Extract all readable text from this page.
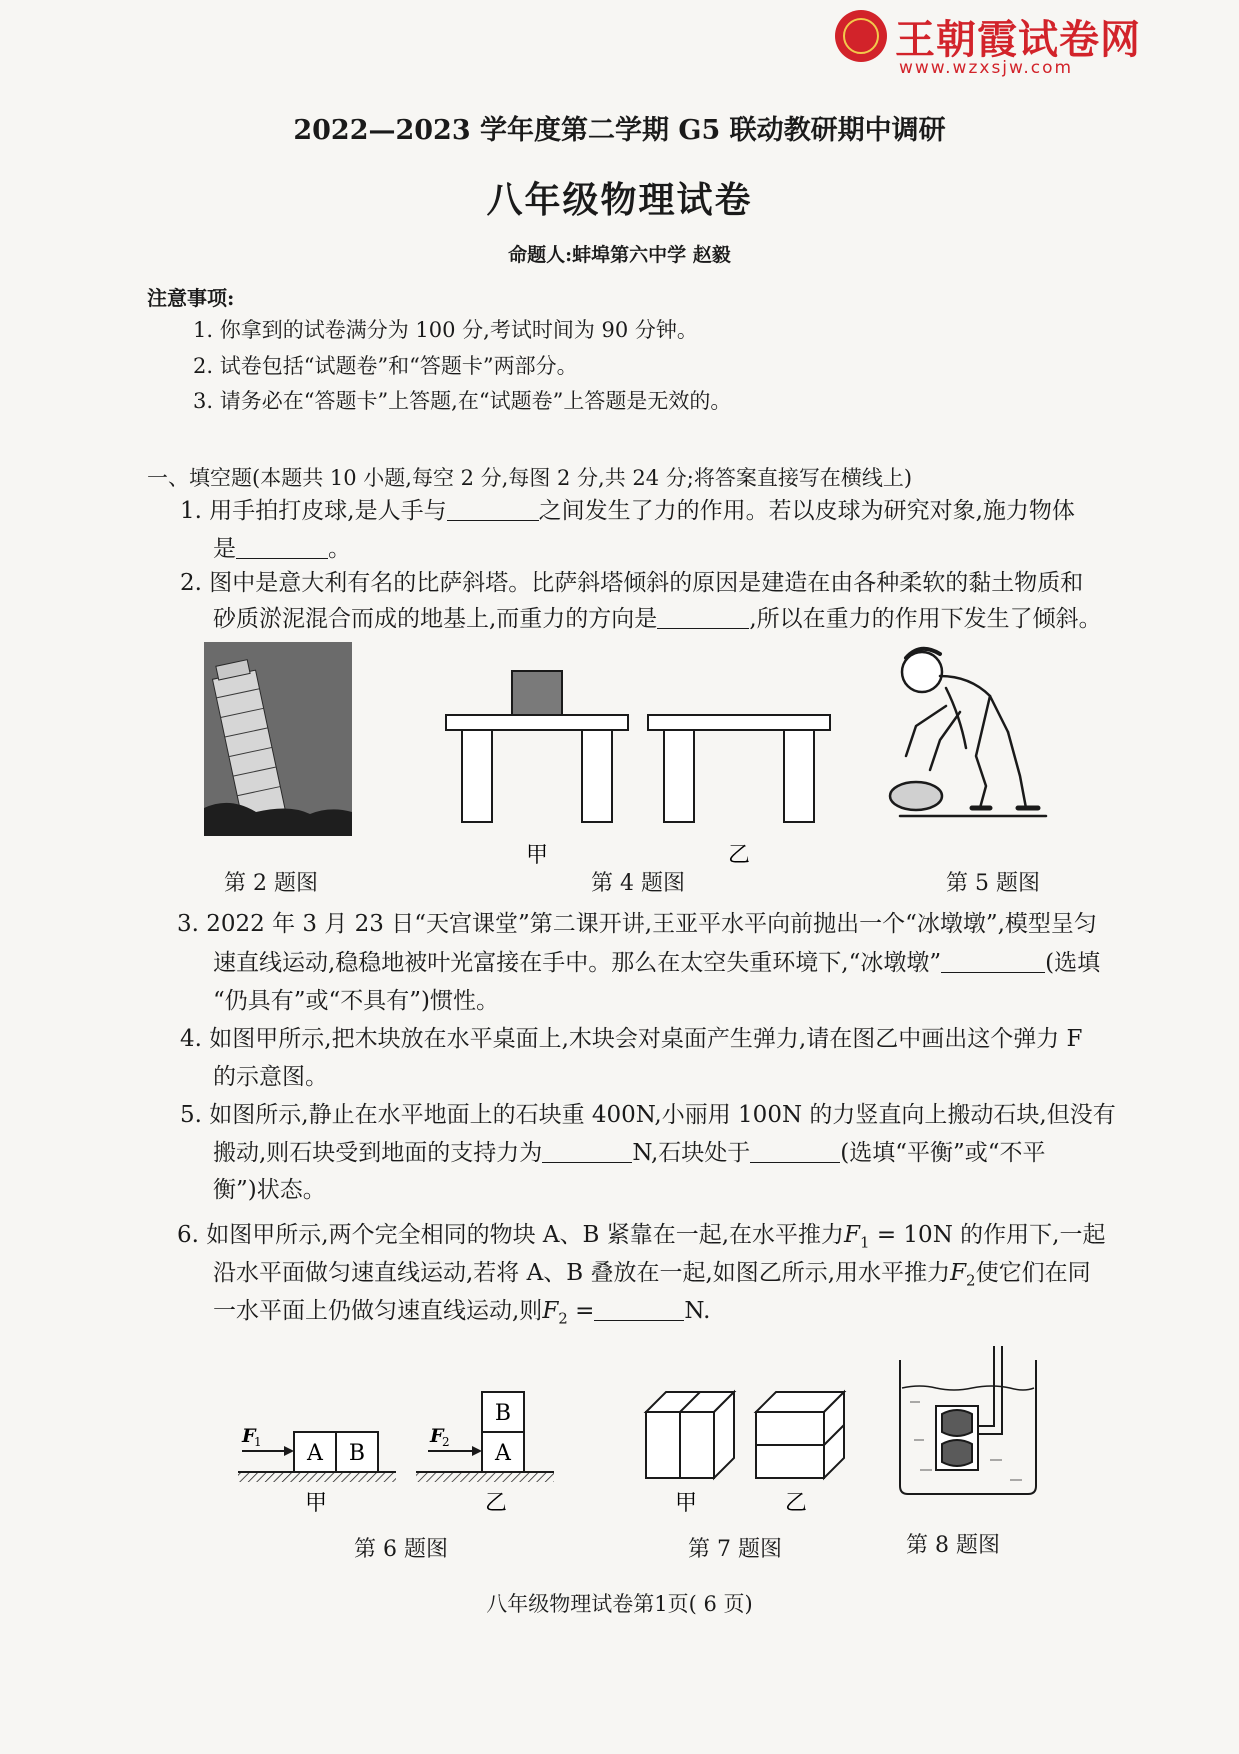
王朝霞试卷网
www.wzxsjw.com
2022—2023 学年度第二学期 G5 联动教研期中调研
八年级物理试卷
命题人:蚌埠第六中学 赵毅
注意事项:
1. 你拿到的试卷满分为 100 分,考试时间为 90 分钟。
2. 试卷包括“试题卷”和“答题卡”两部分。
3. 请务必在“答题卡”上答题,在“试题卷”上答题是无效的。
一、填空题(本题共 10 小题,每空 2 分,每图 2 分,共 24 分;将答案直接写在横线上)
1. 用手拍打皮球,是人手与	之间发生了力的作用。若以皮球为研究对象,施力物体
是	。
2. 图中是意大利有名的比萨斜塔。比萨斜塔倾斜的原因是建造在由各种柔软的黏土物质和
砂质淤泥混合而成的地基上,而重力的方向是	,所以在重力的作用下发生了倾斜。
甲	乙
第 2 题图	第 4 题图	第 5 题图
3. 2022 年 3 月 23 日“天宫课堂”第二课开讲,王亚平水平向前抛出一个“冰墩墩”,模型呈匀
速直线运动,稳稳地被叶光富接在手中。那么在太空失重环境下,“冰墩墩”	(选填
“仍具有”或“不具有”)惯性。
4. 如图甲所示,把木块放在水平桌面上,木块会对桌面产生弹力,请在图乙中画出这个弹力 F
的示意图。
5. 如图所示,静止在水平地面上的石块重 400N,小丽用 100N 的力竖直向上搬动石块,但没有
搬动,则石块受到地面的支持力为	N,石块处于	(选填“平衡”或“不平
衡”)状态。
6. 如图甲所示,两个完全相同的物块 A、B 紧靠在一起,在水平推力$F_1 = 10N$ 的作用下,一起
沿水平面做匀速直线运动,若将 A、B 叠放在一起,如图乙所示,用水平推力$F_2$使它们在同
一水平面上仍做匀速直线运动,则$F_2$ =	N.
A B
F
1
甲
A
B
F
2
乙	甲	乙
第 6 题图	第 7 题图	第 8 题图
八年级物理试卷第1页( 6 页)
